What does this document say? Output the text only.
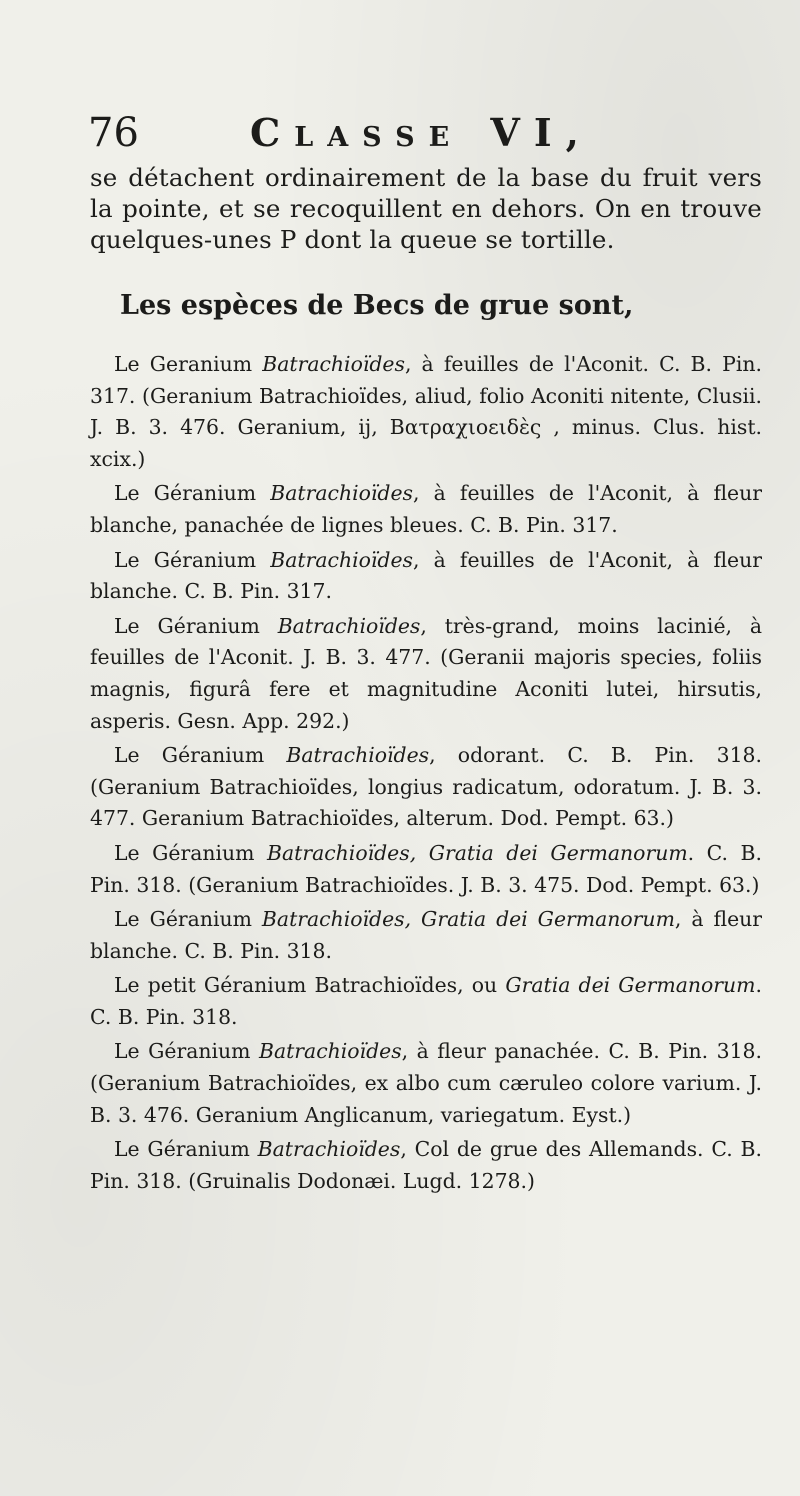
76	Classe VI,

se détachent ordinairement de la base du fruit vers la pointe, et se recoquillent en dehors. On en trouve quelques-unes P dont la queue se tortille.

Les espèces de Becs de grue sont,
Le Geranium Batrachioïdes, à feuilles de l'Aconit. C. B. Pin. 317. (Geranium Batrachioïdes, aliud, folio Aconiti nitente, Clusii. J. B. 3. 476. Geranium, ij, Βατραχιοειδὲς , minus. Clus. hist. xcix.)
Le Géranium Batrachioïdes, à feuilles de l'Aconit, à fleur blanche, panachée de lignes bleues. C. B. Pin. 317.
Le Géranium Batrachioïdes, à feuilles de l'Aconit, à fleur blanche. C. B. Pin. 317.
Le Géranium Batrachioïdes, très-grand, moins lacinié, à feuilles de l'Aconit. J. B. 3. 477. (Geranii majoris species, foliis magnis, figurâ fere et magnitudine Aconiti lutei, hirsutis, asperis. Gesn. App. 292.)
Le Géranium Batrachioïdes, odorant. C. B. Pin. 318. (Geranium Batrachioïdes, longius radicatum, odoratum. J. B. 3. 477. Geranium Batrachioïdes, alterum. Dod. Pempt. 63.)
Le Géranium Batrachioïdes, Gratia dei Germanorum. C. B. Pin. 318. (Geranium Batrachioïdes. J. B. 3. 475. Dod. Pempt. 63.)
Le Géranium Batrachioïdes, Gratia dei Germanorum, à fleur blanche. C. B. Pin. 318.
Le petit Géranium Batrachioïdes, ou Gratia dei Germanorum. C. B. Pin. 318.
Le Géranium Batrachioïdes, à fleur panachée. C. B. Pin. 318. (Geranium Batrachioïdes, ex albo cum cæruleo colore varium. J. B. 3. 476. Geranium Anglicanum, variegatum. Eyst.)
Le Géranium Batrachioïdes, Col de grue des Allemands. C. B. Pin. 318. (Gruinalis Dodonæi. Lugd. 1278.)
